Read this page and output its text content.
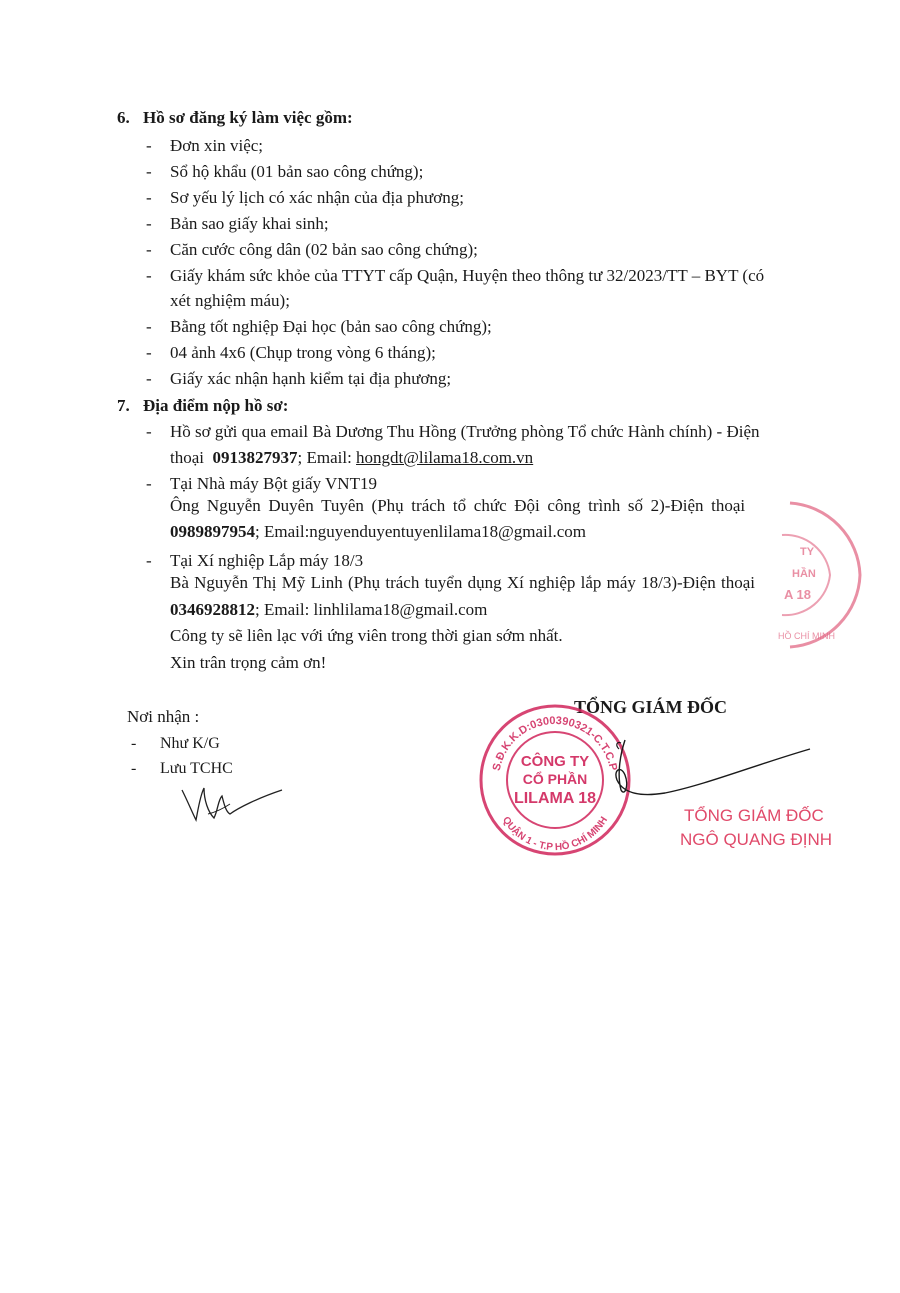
6. Hồ sơ đăng ký làm việc gồm:
- Đơn xin việc;
- Sổ hộ khẩu (01 bản sao công chứng);
- Sơ yếu lý lịch có xác nhận của địa phương;
- Bản sao giấy khai sinh;
- Căn cước công dân (02 bản sao công chứng);
- Giấy khám sức khỏe của TTYT cấp Quận, Huyện theo thông tư 32/2023/TT – BYT (có
xét nghiệm máu);
- Bằng tốt nghiệp Đại học (bản sao công chứng);
- 04 ảnh 4x6 (Chụp trong vòng 6 tháng);
- Giấy xác nhận hạnh kiểm tại địa phương;
7. Địa điểm nộp hồ sơ:
- Hồ sơ gửi qua email Bà Dương Thu Hồng (Trưởng phòng Tổ chức Hành chính) - Điện
thoại 0913827937; Email: hongdt@lilama18.com.vn
- Tại Nhà máy Bột giấy VNT19
Ông Nguyễn Duyên Tuyên (Phụ trách tổ chức Đội công trình số 2)-Điện thoại
0989897954; Email:nguyenduyentuyenlilama18@gmail.com
- Tại Xí nghiệp Lắp máy 18/3
Bà Nguyễn Thị Mỹ Linh (Phụ trách tuyển dụng Xí nghiệp lắp máy 18/3)-Điện thoại
0346928812; Email: linhlilama18@gmail.com
Công ty sẽ liên lạc với ứng viên trong thời gian sớm nhất.
Xin trân trọng cảm ơn!
Nơi nhận :
- Như K/G
- Lưu TCHC
TỔNG GIÁM ĐỐC
S.Đ.K.K.D:0300390321-C.T.C.P
QUẬN 1 - T.P HỒ CHÍ MINH
CÔNG TY
CỔ PHẦN
LILAMA 18
TY
HẦN
A 18
HỒ CHÍ MINH
TỔNG GIÁM ĐỐC
NGÔ QUANG ĐỊNH
